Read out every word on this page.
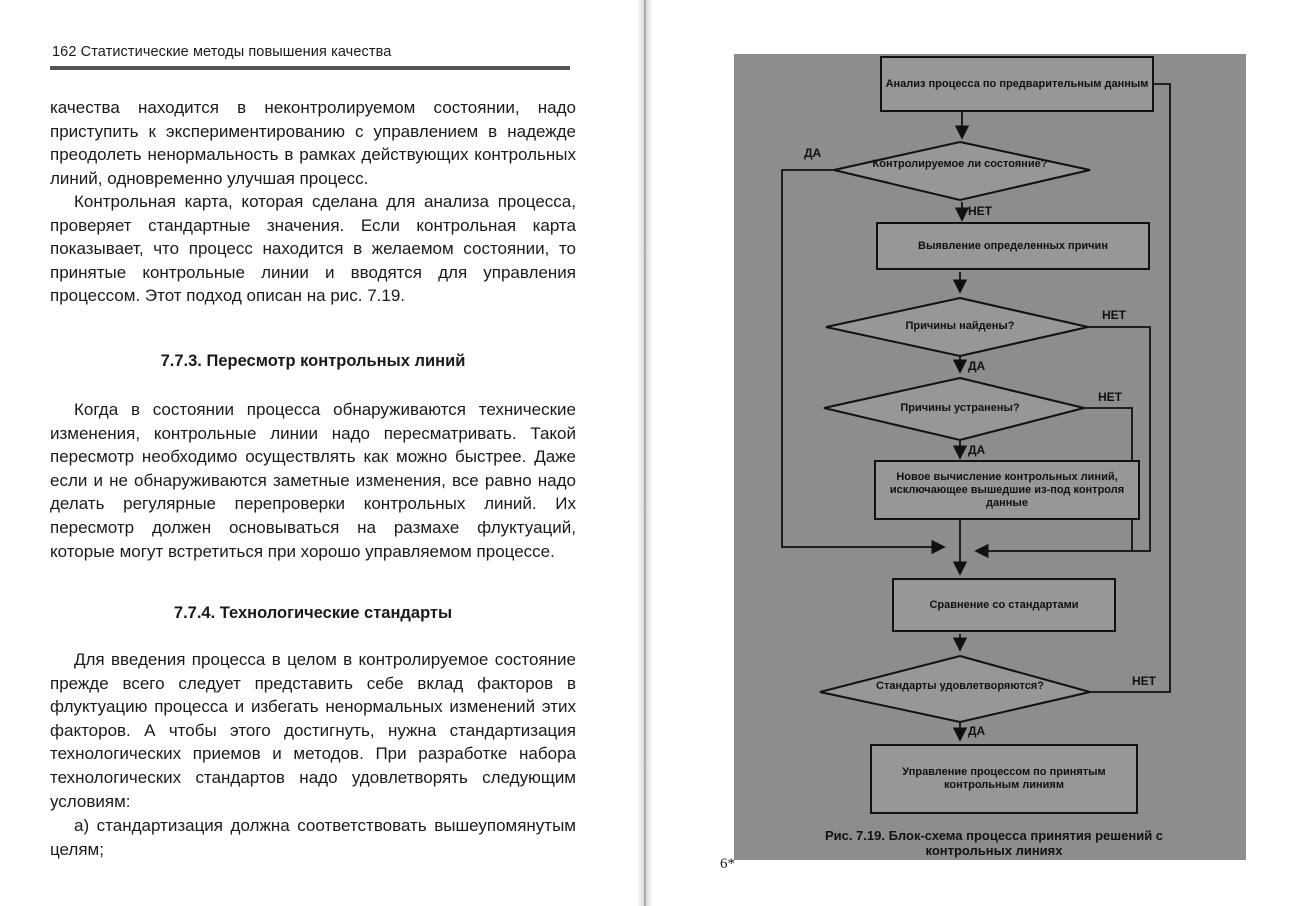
162 Статистические методы повышения качества

качества находится в неконтролируемом состоянии, надо приступить к экспериментированию с управлением в надежде преодолеть ненормальность в рамках действующих контрольных линий, одновременно улучшая процесс.

Контрольная карта, которая сделана для анализа процесса, проверяет стандартные значения. Если контрольная карта показывает, что процесс находится в желаемом состоянии, то принятые контрольные линии и вводятся для управления процессом. Этот подход описан на рис. 7.19.

7.7.3. Пересмотр контрольных линий

Когда в состоянии процесса обнаруживаются технические изменения, контрольные линии надо пересматривать. Такой пересмотр необходимо осуществлять как можно быстрее. Даже если и не обнаруживаются заметные изменения, все равно надо делать регулярные перепроверки контрольных линий. Их пересмотр должен основываться на размахе флуктуаций, которые могут встретиться при хорошо управляемом процессе.

7.7.4. Технологические стандарты

Для введения процесса в целом в контролируемое состояние прежде всего следует представить себе вклад факторов в флуктуацию процесса и избегать ненормальных изменений этих факторов. А чтобы этого достигнуть, нужна стандартизация технологических приемов и методов. При разработке набора технологических стандартов надо удовлетворять следующим условиям:

а) стандартизация должна соответствовать вышеупомянутым целям;

Анализ процесса по предварительным данным
Контролируемое ли состояние?
Выявление определенных причин
Причины найдены?
Причины устранены?
Новое вычисление контрольных линий, исключающее вышедшие из-под контроля данные
Сравнение со стандартами
Стандарты удовлетворяются?
Управление процессом по принятым контрольным линиям
ДА
НЕТ
НЕТ
ДА
НЕТ
ДА
НЕТ
ДА
Рис. 7.19. Блок-схема процесса принятия решений с контрольных линиях
6*
